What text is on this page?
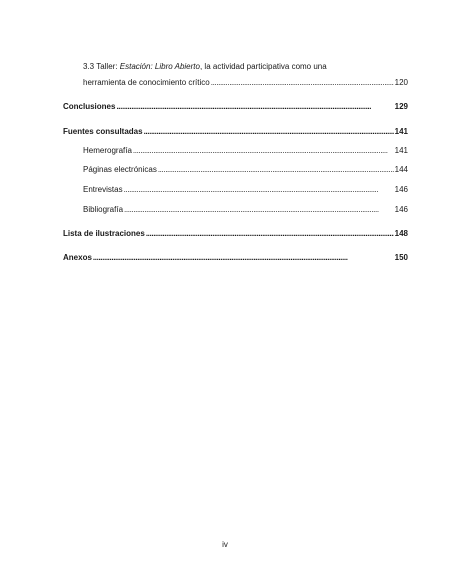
3.3 Taller: Estación: Libro Abierto, la actividad participativa como una
herramienta de conocimiento crítico . . .	120
Conclusiones . . .	129
Fuentes consultadas . . .	141
Hemerografía . . .	141
Páginas electrónicas . . .	144
Entrevistas . . .	146
Bibliografía . . .	146
Lista de ilustraciones . . .	148
Anexos . . .	150
iv
